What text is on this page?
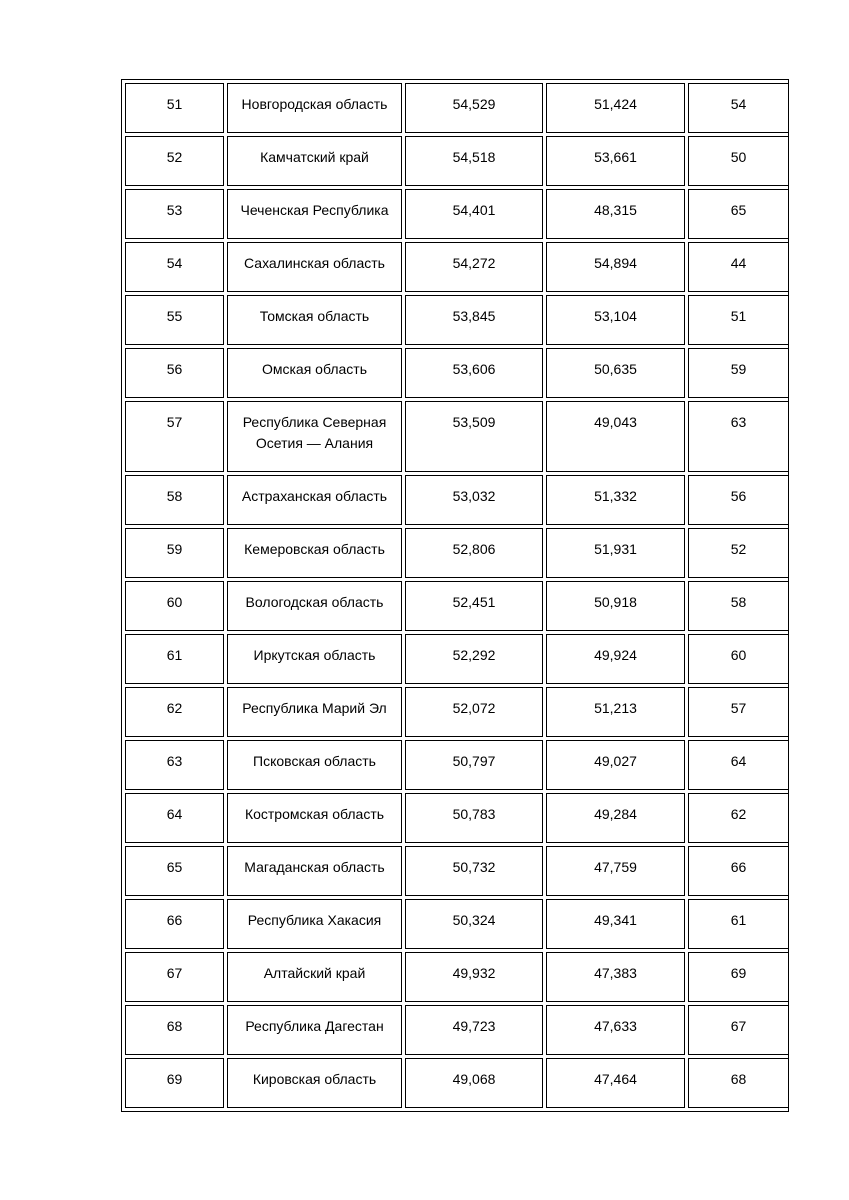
51	Новгородская область	54,529	51,424	54
52	Камчатский край	54,518	53,661	50
53	Чеченская Республика	54,401	48,315	65
54	Сахалинская область	54,272	54,894	44
55	Томская область	53,845	53,104	51
56	Омская область	53,606	50,635	59
57	Республика Северная Осетия — Алания	53,509	49,043	63
58	Астраханская область	53,032	51,332	56
59	Кемеровская область	52,806	51,931	52
60	Вологодская область	52,451	50,918	58
61	Иркутская область	52,292	49,924	60
62	Республика Марий Эл	52,072	51,213	57
63	Псковская область	50,797	49,027	64
64	Костромская область	50,783	49,284	62
65	Магаданская область	50,732	47,759	66
66	Республика Хакасия	50,324	49,341	61
67	Алтайский край	49,932	47,383	69
68	Республика Дагестан	49,723	47,633	67
69	Кировская область	49,068	47,464	68
